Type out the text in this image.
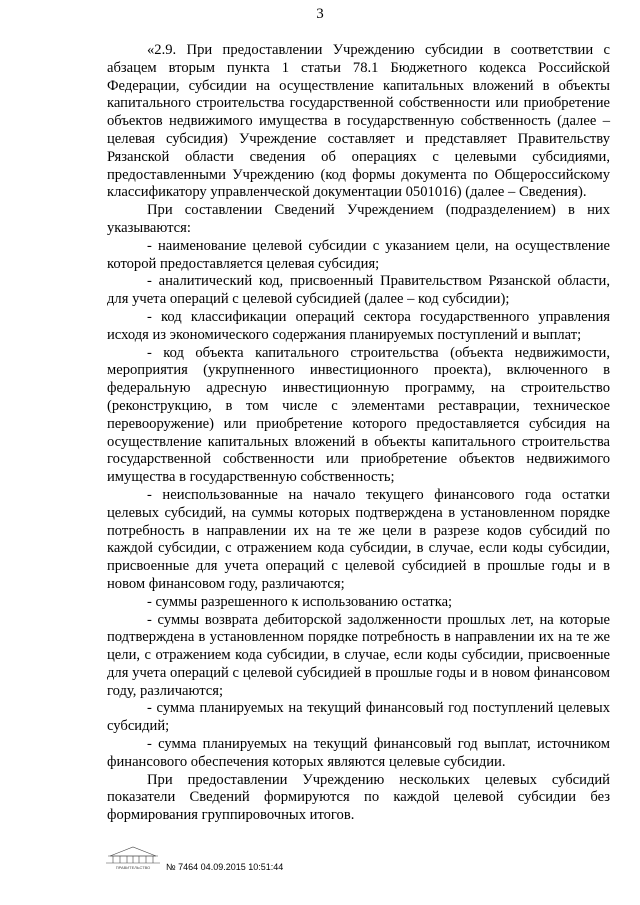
3

«2.9. При предоставлении Учреждению субсидии в соответствии с абзацем вторым пункта 1 статьи 78.1 Бюджетного кодекса Российской Федерации, субсидии на осуществление капитальных вложений в объекты капитального строительства государственной собственности или приобретение объектов недвижимого имущества в государственную собственность (далее – целевая субсидия) Учреждение составляет и представляет Правительству Рязанской области сведения об операциях с целевыми субсидиями, предоставленными Учреждению (код формы документа по Общероссийскому классификатору управленческой документации 0501016) (далее – Сведения).

При составлении Сведений Учреждением (подразделением) в них указываются:

- наименование целевой субсидии с указанием цели, на осуществление которой предоставляется целевая субсидия;

- аналитический код, присвоенный Правительством Рязанской области, для учета операций с целевой субсидией (далее – код субсидии);

- код классификации операций сектора государственного управления исходя из экономического содержания планируемых поступлений и выплат;

- код объекта капитального строительства (объекта недвижимости, мероприятия (укрупненного инвестиционного проекта), включенного в федеральную адресную инвестиционную программу, на строительство (реконструкцию, в том числе с элементами реставрации, техническое перевооружение) или приобретение которого предоставляется субсидия на осуществление капитальных вложений в объекты капитального строительства государственной собственности или приобретение объектов недвижимого имущества в государственную собственность;

- неиспользованные на начало текущего финансового года остатки целевых субсидий, на суммы которых подтверждена в установленном порядке потребность в направлении их на те же цели в разрезе кодов субсидий по каждой субсидии, с отражением кода субсидии, в случае, если коды субсидии, присвоенные для учета операций с целевой субсидией в прошлые годы и в новом финансовом году, различаются;

- суммы разрешенного к использованию остатка;

- суммы возврата дебиторской задолженности прошлых лет, на которые подтверждена в установленном порядке потребность в направлении их на те же цели, с отражением кода субсидии, в случае, если коды субсидии, присвоенные для учета операций с целевой субсидией в прошлые годы и в новом финансовом году, различаются;

- сумма планируемых на текущий финансовый год поступлений целевых субсидий;

- сумма планируемых на текущий финансовый год выплат, источником финансового обеспечения которых являются целевые субсидии.

При предоставлении Учреждению нескольких целевых субсидий показатели Сведений формируются по каждой целевой субсидии без формирования группировочных итогов.

ПРАВИТЕЛЬСТВО № 7464 04.09.2015 10:51:44
